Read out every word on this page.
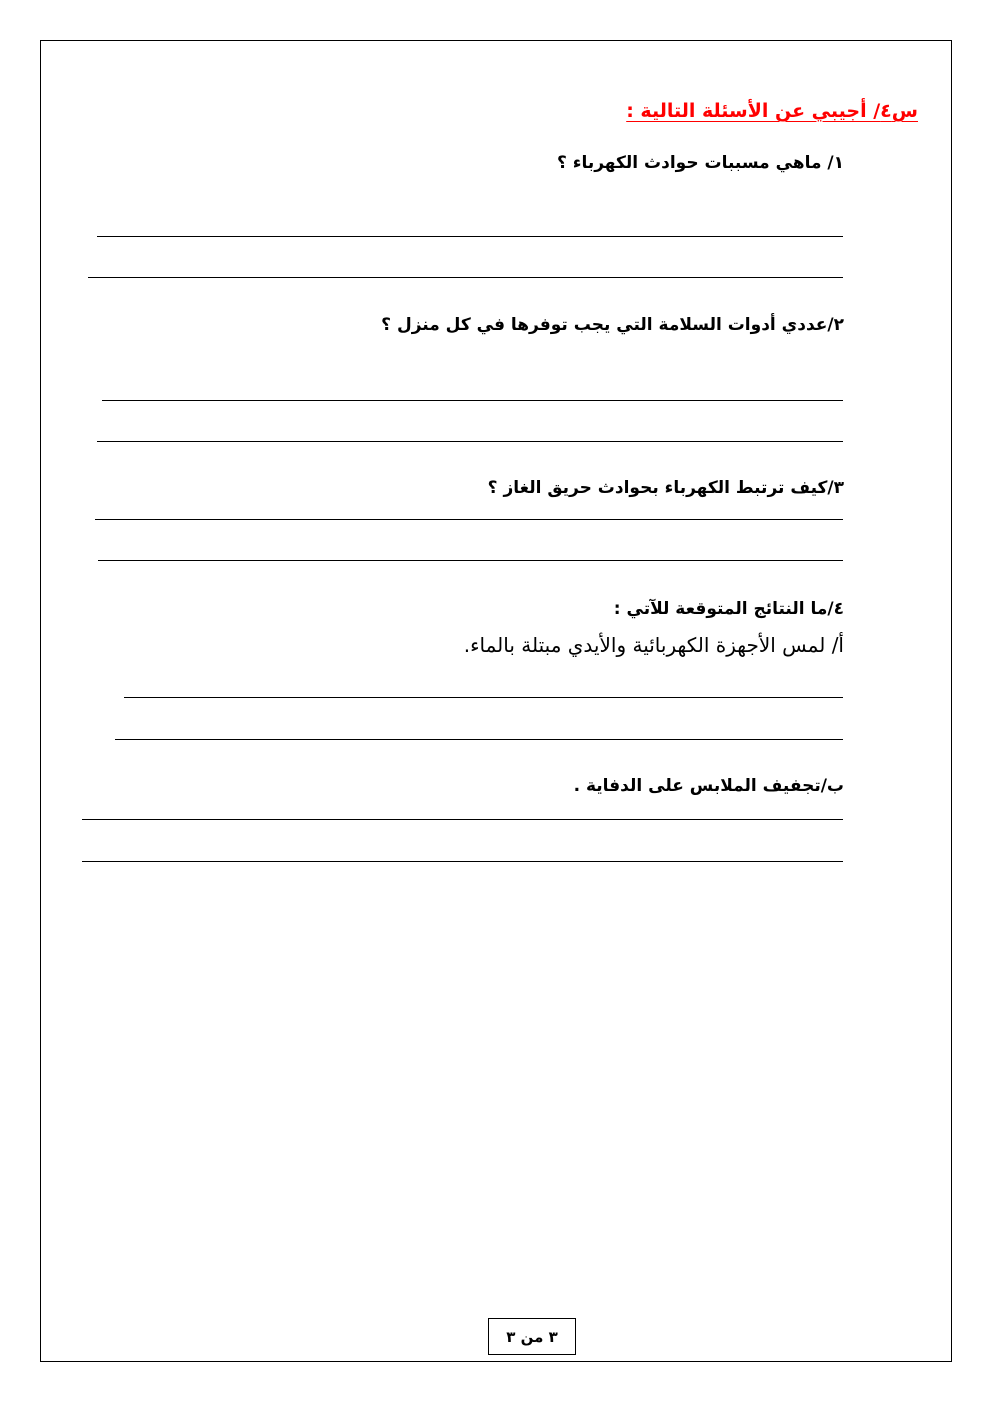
س٤/ أجيبي عن الأسئلة التالية :
١/ ماهي مسببات حوادث الكهرباء ؟
٢/عددي أدوات السلامة التي يجب توفرها في كل منزل ؟
٣/كيف ترتبط الكهرباء بحوادث حريق الغاز ؟
٤/ما النتائج المتوقعة للآتي :
أ/ لمس الأجهزة الكهربائية والأيدي مبتلة بالماء.
ب/تجفيف الملابس على الدفاية .
٣ من ٣
